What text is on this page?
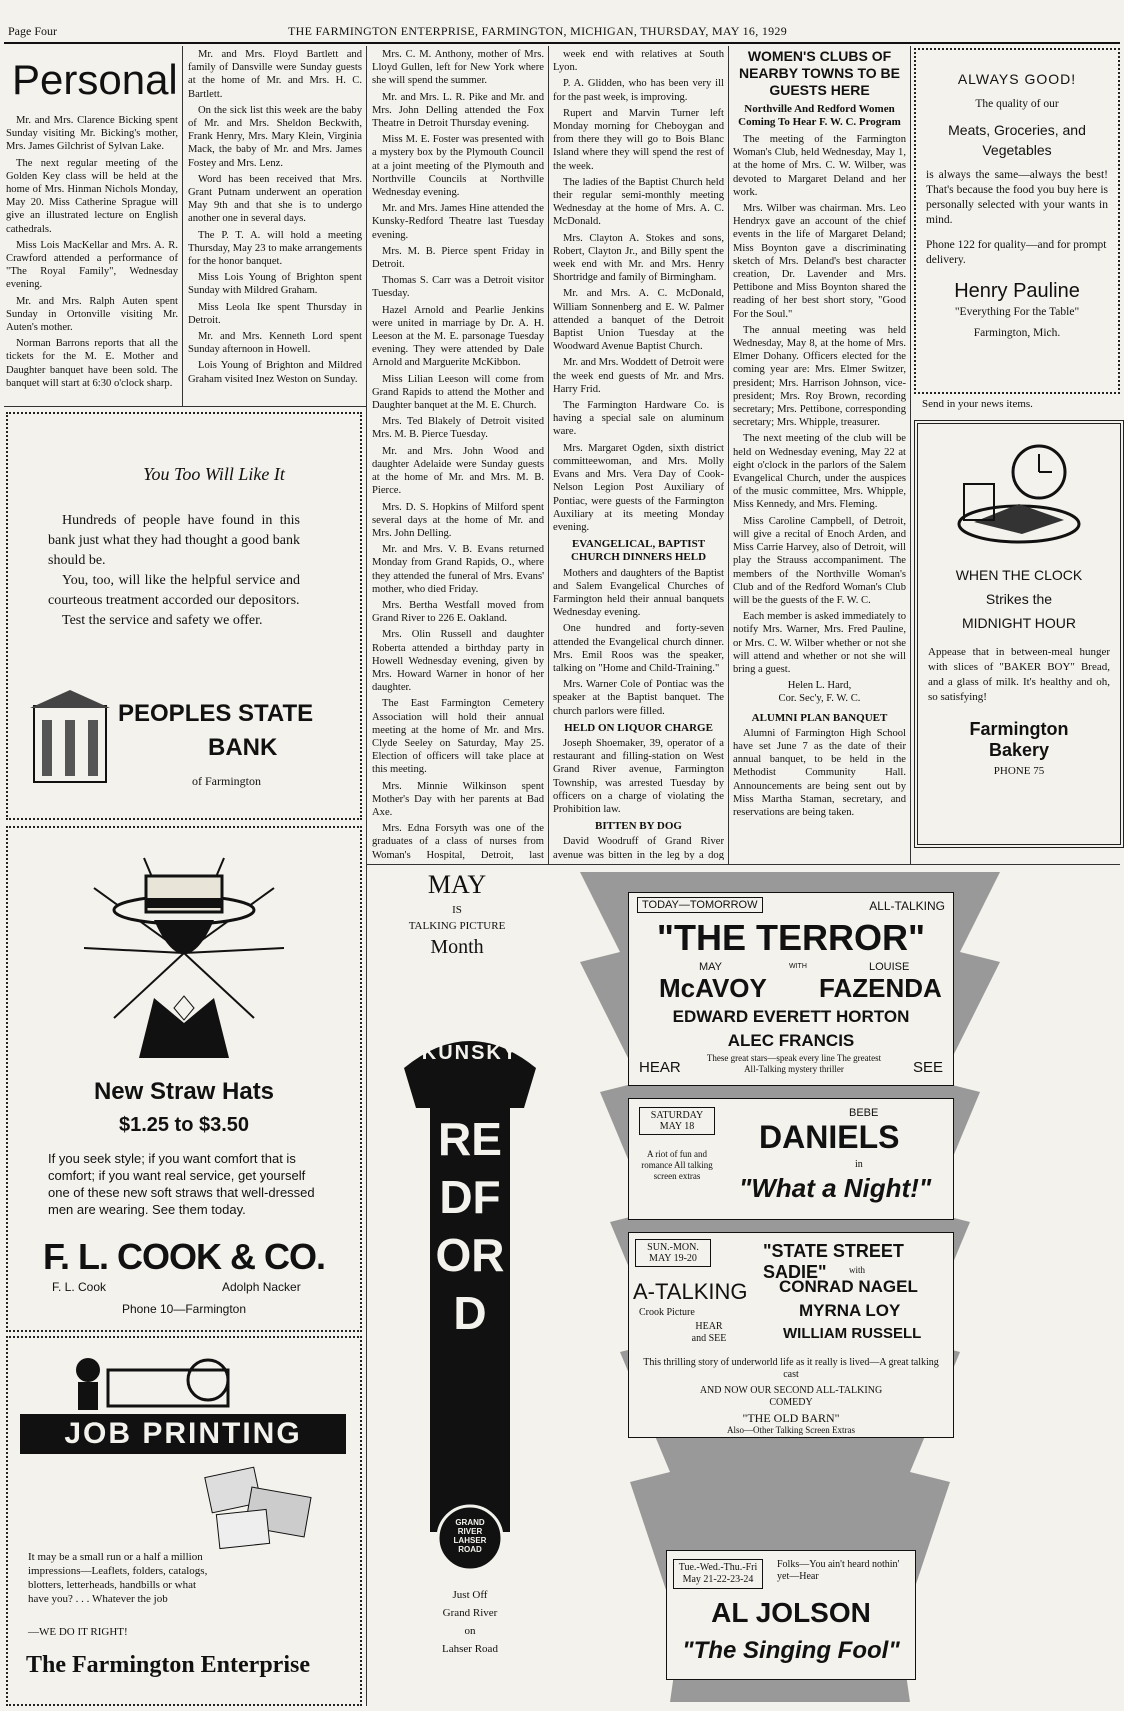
Page Four	THE FARMINGTON ENTERPRISE, FARMINGTON, MICHIGAN, THURSDAY, MAY 16, 1929
Personal

Mr. and Mrs. Clarence Bicking spent Sunday visiting Mr. Bicking's mother, Mrs. James Gilchrist of Sylvan Lake.

The next regular meeting of the Golden Key class will be held at the home of Mrs. Hinman Nichols Monday, May 20. Miss Catherine Sprague will give an illustrated lecture on English cathedrals.

Miss Lois MacKellar and Mrs. A. R. Crawford attended a performance of "The Royal Family", Wednesday evening.

Mr. and Mrs. Ralph Auten spent Sunday in Ortonville visiting Mr. Auten's mother.

Norman Barrons reports that all the tickets for the M. E. Mother and Daughter banquet have been sold. The banquet will start at 6:30 o'clock sharp.

Mr. and Mrs. Floyd Bartlett and family of Dansville were Sunday guests at the home of Mr. and Mrs. H. C. Bartlett.

On the sick list this week are the baby of Mr. and Mrs. Sheldon Beckwith, Frank Henry, Mrs. Mary Klein, Virginia Mack, the baby of Mr. and Mrs. James Fostey and Mrs. Lenz.

Word has been received that Mrs. Grant Putnam underwent an operation May 9th and that she is to undergo another one in several days.

The P. T. A. will hold a meeting Thursday, May 23 to make arrangements for the honor banquet.

Miss Lois Young of Brighton spent Sunday with Mildred Graham.

Miss Leola Ike spent Thursday in Detroit.

Mr. and Mrs. Kenneth Lord spent Sunday afternoon in Howell.

Lois Young of Brighton and Mildred Graham visited Inez Weston on Sunday.

Mrs. C. M. Anthony, mother of Mrs. Lloyd Gullen, left for New York where she will spend the summer.

Mr. and Mrs. L. R. Pike and Mr. and Mrs. John Delling attended the Fox Theatre in Detroit Thursday evening.

Miss M. E. Foster was presented with a mystery box by the Plymouth Council at a joint meeting of the Plymouth and Northville Councils at Northville Wednesday evening.

Mr. and Mrs. James Hine attended the Kunsky-Redford Theatre last Tuesday evening.

Mrs. M. B. Pierce spent Friday in Detroit.

Thomas S. Carr was a Detroit visitor Tuesday.

Hazel Arnold and Pearlie Jenkins were united in marriage by Dr. A. H. Leeson at the M. E. parsonage Tuesday evening. They were attended by Dale Arnold and Marguerite McKibbon.

Miss Lilian Leeson will come from Grand Rapids to attend the Mother and Daughter banquet at the M. E. Church.

Mrs. Ted Blakely of Detroit visited Mrs. M. B. Pierce Tuesday.

Mr. and Mrs. John Wood and daughter Adelaide were Sunday guests at the home of Mr. and Mrs. M. B. Pierce.

Mrs. D. S. Hopkins of Milford spent several days at the home of Mr. and Mrs. John Delling.

Mr. and Mrs. V. B. Evans returned Monday from Grand Rapids, O., where they attended the funeral of Mrs. Evans' mother, who died Friday.

Mrs. Bertha Westfall moved from Grand River to 226 E. Oakland.

Mrs. Olin Russell and daughter Roberta attended a birthday party in Howell Wednesday evening, given by Mrs. Howard Warner in honor of her daughter.

The East Farmington Cemetery Association will hold their annual meeting at the home of Mr. and Mrs. Clyde Seeley on Saturday, May 25. Election of officers will take place at this meeting.

Mrs. Minnie Wilkinson spent Mother's Day with her parents at Bad Axe.

Mrs. Edna Forsyth was one of the graduates of a class of nurses from Woman's Hospital, Detroit, last

week end with relatives at South Lyon.

P. A. Glidden, who has been very ill for the past week, is improving.

Rupert and Marvin Turner left Monday morning for Cheboygan and from there they will go to Bois Blanc Island where they will spend the rest of the week.

The ladies of the Baptist Church held their regular semi-monthly meeting Wednesday at the home of Mrs. A. C. McDonald.

Mrs. Clayton A. Stokes and sons, Robert, Clayton Jr., and Billy spent the week end with Mr. and Mrs. Henry Shortridge and family of Birmingham.

Mr. and Mrs. A. C. McDonald, William Sonnenberg and E. W. Palmer attended a banquet of the Detroit Baptist Union Tuesday at the Woodward Avenue Baptist Church.

Mr. and Mrs. Woddett of Detroit were the week end guests of Mr. and Mrs. Harry Frid.

The Farmington Hardware Co. is having a special sale on aluminum ware.

Mrs. Margaret Ogden, sixth district committeewoman, and Mrs. Molly Evans and Mrs. Vera Day of Cook-Nelson Legion Post Auxiliary of Pontiac, were guests of the Farmington Auxiliary at its meeting Monday evening.

EVANGELICAL, BAPTIST CHURCH DINNERS HELD

Mothers and daughters of the Baptist and Salem Evangelical Churches of Farmington held their annual banquets Wednesday evening.

One hundred and forty-seven attended the Evangelical church dinner. Mrs. Emil Roos was the speaker, talking on "Home and Child-Training."

Mrs. Warner Cole of Pontiac was the speaker at the Baptist banquet. The church parlors were filled.

HELD ON LIQUOR CHARGE

Joseph Shoemaker, 39, operator of a restaurant and filling-station on West Grand River avenue, Farmington Township, was arrested Tuesday by officers on a charge of violating the Prohibition law.

BITTEN BY DOG

David Woodruff of Grand River avenue was bitten in the leg by a dog

WOMEN'S CLUBS OF NEARBY TOWNS TO BE GUESTS HERE
Northville And Redford Women Coming To Hear F. W. C. Program

The meeting of the Farmington Woman's Club, held Wednesday, May 1, at the home of Mrs. C. W. Wilber, was devoted to Margaret Deland and her work.

Mrs. Wilber was chairman. Mrs. Leo Hendryx gave an account of the chief events in the life of Margaret Deland; Miss Boynton gave a discriminating sketch of Mrs. Deland's best character creation, Dr. Lavender and Mrs. Pettibone and Miss Boynton shared the reading of her best short story, "Good For the Soul."

The annual meeting was held Wednesday, May 8, at the home of Mrs. Elmer Dohany. Officers elected for the coming year are: Mrs. Elmer Switzer, president; Mrs. Harrison Johnson, vice-president; Mrs. Roy Brown, recording secretary; Mrs. Pettibone, corresponding secretary; Mrs. Whipple, treasurer.

The next meeting of the club will be held on Wednesday evening, May 22 at eight o'clock in the parlors of the Salem Evangelical Church, under the auspices of the music committee, Mrs. Whipple, Miss Kennedy, and Mrs. Fleming.

Miss Caroline Campbell, of Detroit, will give a recital of Enoch Arden, and Miss Carrie Harvey, also of Detroit, will play the Strauss accompaniment. The members of the Northville Woman's Club and of the Redford Woman's Club will be the guests of the F. W. C.

Each member is asked immediately to notify Mrs. Warner, Mrs. Fred Pauline, or Mrs. C. W. Wilber whether or not she will attend and whether or not she will bring a guest.

Helen L. Hard,
Cor. Sec'y, F. W. C.
ALUMNI PLAN BANQUET

Alumni of Farmington High School have set June 7 as the date of their annual banquet, to be held in the Methodist Community Hall. Announcements are being sent out by Miss Martha Staman, secretary, and reservations are being taken.

ALWAYS GOOD!
The quality of our
Meats, Groceries, and Vegetables
is always the same—always the best! That's because the food you buy here is personally selected with your wants in mind.
Phone 122 for quality—and for prompt delivery.
Henry Pauline
"Everything For the Table"
Farmington, Mich.
Send in your news items.
WHEN THE CLOCK
Strikes the
MIDNIGHT HOUR
Appease that in between-meal hunger with slices of "BAKER BOY" Bread, and a glass of milk. It's healthy and oh, so satisfying!
Farmington
Bakery
PHONE 75
You Too Will Like It

Hundreds of people have found in this bank just what they had thought a good bank should be.

You, too, will like the helpful service and courteous treatment accorded our depositors.

Test the service and safety we offer.

PEOPLES STATE
BANK
of Farmington
New Straw Hats
$1.25 to $3.50
If you seek style; if you want comfort that is comfort; if you want real service, get yourself one of these new soft straws that well-dressed men are wearing. See them today.
F. L. COOK & CO.
F. L. Cook	Adolph Nacker
Phone 10—Farmington
JOB PRINTING
It may be a small run or a half a million impressions—Leaflets, folders, catalogs, blotters, letterheads, handbills or what have you? . . . Whatever the job
—WE DO IT RIGHT!
The Farmington Enterprise
MAY
IS
TALKING PICTURE
Month
KUNSKY
REDFORD
GRAND RIVER LAHSER ROAD
Just Off
Grand River
on
Lahser Road
TODAY—TOMORROW	ALL-TALKING
"THE TERROR"
MAY	WITH	LOUISE
McAVOY FAZENDA
EDWARD EVERETT HORTON
ALEC FRANCIS
HEAR
These great stars—speak every line The greatest All-Talking mystery thriller	SEE
SATURDAY MAY 18
A riot of fun and romance All talking screen extras
BEBE
DANIELS
in
"What a Night!"
SUN.-MON. MAY 19-20
A-TALKING
Crook Picture
HEAR and SEE
"STATE STREET SADIE"	with
CONRAD NAGEL
MYRNA LOY
WILLIAM RUSSELL
This thrilling story of underworld life as it really is lived—A great talking cast
AND NOW OUR SECOND ALL-TALKING COMEDY
"THE OLD BARN"
Also—Other Talking Screen Extras
Tue.-Wed.-Thu.-Fri May 21-22-23-24
Folks—You ain't heard nothin' yet—Hear
AL JOLSON
"The Singing Fool"
